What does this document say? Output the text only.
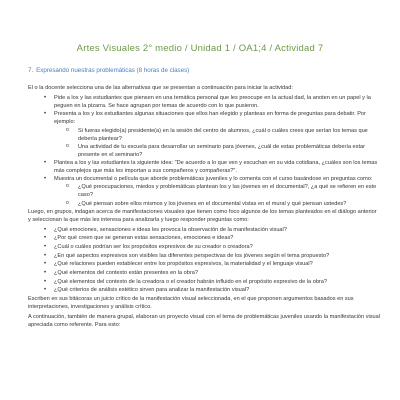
Artes Visuales 2° medio / Unidad 1 / OA1;4 / Actividad 7
7. Expresando nuestras problemáticas (8 horas de clases)

El o la docente selecciona una de las alternativas que se presentan a continuación para iniciar la actividad:

• Pide a los y las estudiantes que piensen en una temática personal que les preocupe en la actual dad, la anoten en un papel y la peguen en la pizarra. Se hace agrupan por temas de acuerdo con lo que pusieron.
• Presenta a los y los estudiantes algunas situaciones que ellos han elegido y planteas en forma de preguntas para debatir. Por ejemplo:
o Si fueras elegido(a) presidente(a) en la sesión del centro de alumnos, ¿cuál o cuáles crees que serían los temas que debería plantear?
o Una actividad de tu escuela para desarrollar un seminario para jóvenes, ¿cuál de estas problemáticas debería estar presente en el seminario?
• Plantea a los y las estudiantes la siguiente idea: "De acuerdo a lo que ven y escuchan en su vida cotidiana, ¿cuáles son los temas más complejos que más les importan a sus compañeros y compañeras?".
• Muestra un documental o película que aborde problemáticas juveniles y lo comenta con el curso basándose en preguntas como:
o ¿Qué preocupaciones, miedos y problemáticas plantean los y las jóvenes en el documental?, ¿a qué se refieren en este caso?
o ¿Qué piensan sobre ellos mismos y los jóvenes en el documental vistas en el mural y qué piensan ustedes?

Luego, en grupos, indagan acerca de manifestaciones visuales que tienen como foco algunos de los temas planteados en el diálogo anterior y seleccionan la que más les interesa para analizarla y luego responder preguntas como:

• ¿Qué emociones, sensaciones e ideas les provoca la observación de la manifestación visual?
• ¿Por qué creen que se generan estas sensaciones, emociones e ideas?
• ¿Cuál o cuáles podrían ser los propósitos expresivos de su creador o creadora?
• ¿En qué aspectos expresivos son visibles las diferentes perspectivas de los jóvenes según el tema propuesto?
• ¿Qué relaciones pueden establecer entre los propósitos expresivos, la materialidad y el lenguaje visual?
• ¿Qué elementos del contexto están presentes en la obra?
• ¿Qué elementos del contexto de la creadora o el creador habrán influido en el propósito expresivo de la obra?
• ¿Qué criterios de análisis estético sirven para analizar la manifestación visual?

Escriben en sus bitácoras un juicio crítico de la manifestación visual seleccionada, en el que proponen argumentos basados en sus interpretaciones, investigaciones y análisis crítico.

A continuación, también de manera grupal, elaboran un proyecto visual con el tema de problemáticas juveniles usando la manifestación visual apreciada como referente. Para esto:
